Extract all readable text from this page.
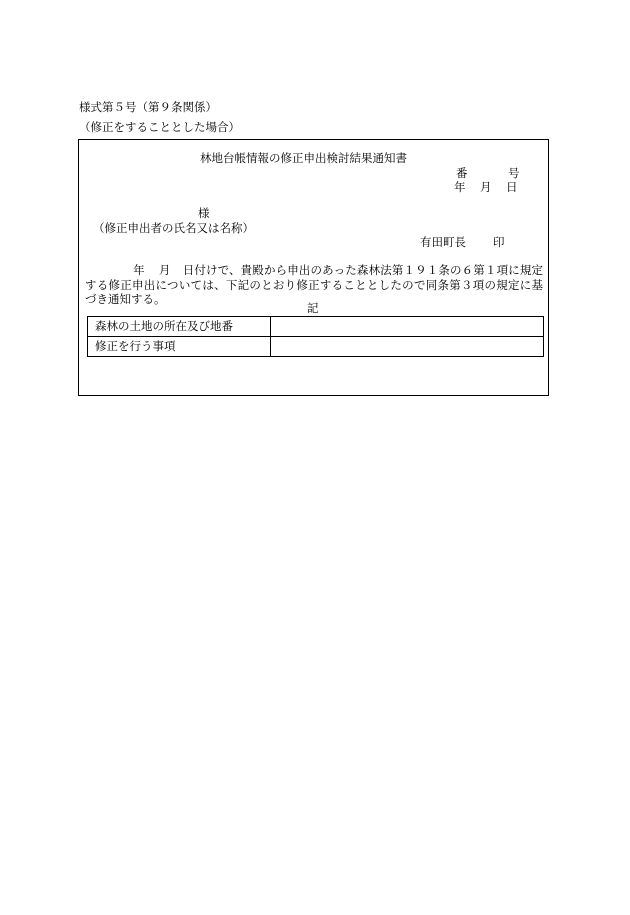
様式第５号（第９条関係）
（修正をすることとした場合）
林地台帳情報の修正申出検討結果通知書
番	号
年 月 日
様
（修正申出者の氏名又は名称）
有田町長 印
年 月 日付けで、貴殿から申出のあった森林法第１９１条の６第１項に規定する修正申出については、下記のとおり修正することとしたので同条第３項の規定に基づき通知する。
記
森林の土地の所在及び地番	
修正を行う事項	
